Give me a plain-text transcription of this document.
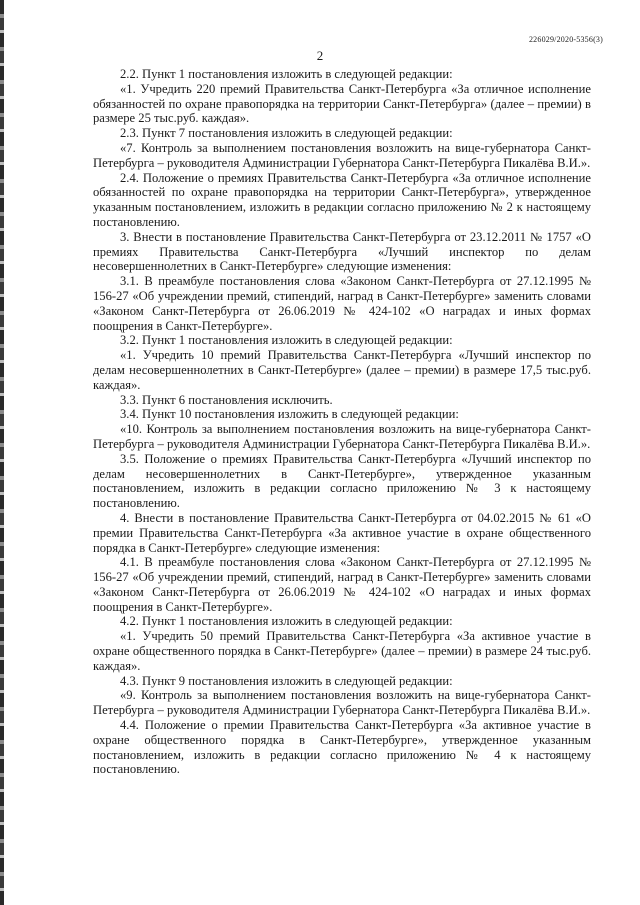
226029/2020-5356(3)
2

2.2. Пункт 1 постановления изложить в следующей редакции:

«1. Учредить 220 премий Правительства Санкт-Петербурга «За отличное исполнение обязанностей по охране правопорядка на территории Санкт-Петербурга» (далее – премии) в размере 25 тыс.руб. каждая».

2.3. Пункт 7 постановления изложить в следующей редакции:

«7. Контроль за выполнением постановления возложить на вице-губернатора Санкт-Петербурга – руководителя Администрации Губернатора Санкт-Петербурга Пикалёва В.И.».

2.4. Положение о премиях Правительства Санкт-Петербурга «За отличное исполнение обязанностей по охране правопорядка на территории Санкт-Петербурга», утвержденное указанным постановлением, изложить в редакции согласно приложению № 2 к настоящему постановлению.

3. Внести в постановление Правительства Санкт-Петербурга от 23.12.2011 № 1757 «О премиях Правительства Санкт-Петербурга «Лучший инспектор по делам несовершеннолетних в Санкт-Петербурге» следующие изменения:

3.1. В преамбуле постановления слова «Законом Санкт-Петербурга от 27.12.1995 № 156-27 «Об учреждении премий, стипендий, наград в Санкт-Петербурге» заменить словами «Законом Санкт-Петербурга от 26.06.2019 № 424-102 «О наградах и иных формах поощрения в Санкт-Петербурге».

3.2. Пункт 1 постановления изложить в следующей редакции:

«1. Учредить 10 премий Правительства Санкт-Петербурга «Лучший инспектор по делам несовершеннолетних в Санкт-Петербурге» (далее – премии) в размере 17,5 тыс.руб. каждая».

3.3. Пункт 6 постановления исключить.

3.4. Пункт 10 постановления изложить в следующей редакции:

«10. Контроль за выполнением постановления возложить на вице-губернатора Санкт-Петербурга – руководителя Администрации Губернатора Санкт-Петербурга Пикалёва В.И.».

3.5. Положение о премиях Правительства Санкт-Петербурга «Лучший инспектор по делам несовершеннолетних в Санкт-Петербурге», утвержденное указанным постановлением, изложить в редакции согласно приложению № 3 к настоящему постановлению.

4. Внести в постановление Правительства Санкт-Петербурга от 04.02.2015 № 61 «О премии Правительства Санкт-Петербурга «За активное участие в охране общественного порядка в Санкт-Петербурге» следующие изменения:

4.1. В преамбуле постановления слова «Законом Санкт-Петербурга от 27.12.1995 № 156-27 «Об учреждении премий, стипендий, наград в Санкт-Петербурге» заменить словами «Законом Санкт-Петербурга от 26.06.2019 № 424-102 «О наградах и иных формах поощрения в Санкт-Петербурге».

4.2. Пункт 1 постановления изложить в следующей редакции:

«1. Учредить 50 премий Правительства Санкт-Петербурга «За активное участие в охране общественного порядка в Санкт-Петербурге» (далее – премии) в размере 24 тыс.руб. каждая».

4.3. Пункт 9 постановления изложить в следующей редакции:

«9. Контроль за выполнением постановления возложить на вице-губернатора Санкт-Петербурга – руководителя Администрации Губернатора Санкт-Петербурга Пикалёва В.И.».

4.4. Положение о премии Правительства Санкт-Петербурга «За активное участие в охране общественного порядка в Санкт-Петербурге», утвержденное указанным постановлением, изложить в редакции согласно приложению № 4 к настоящему постановлению.
